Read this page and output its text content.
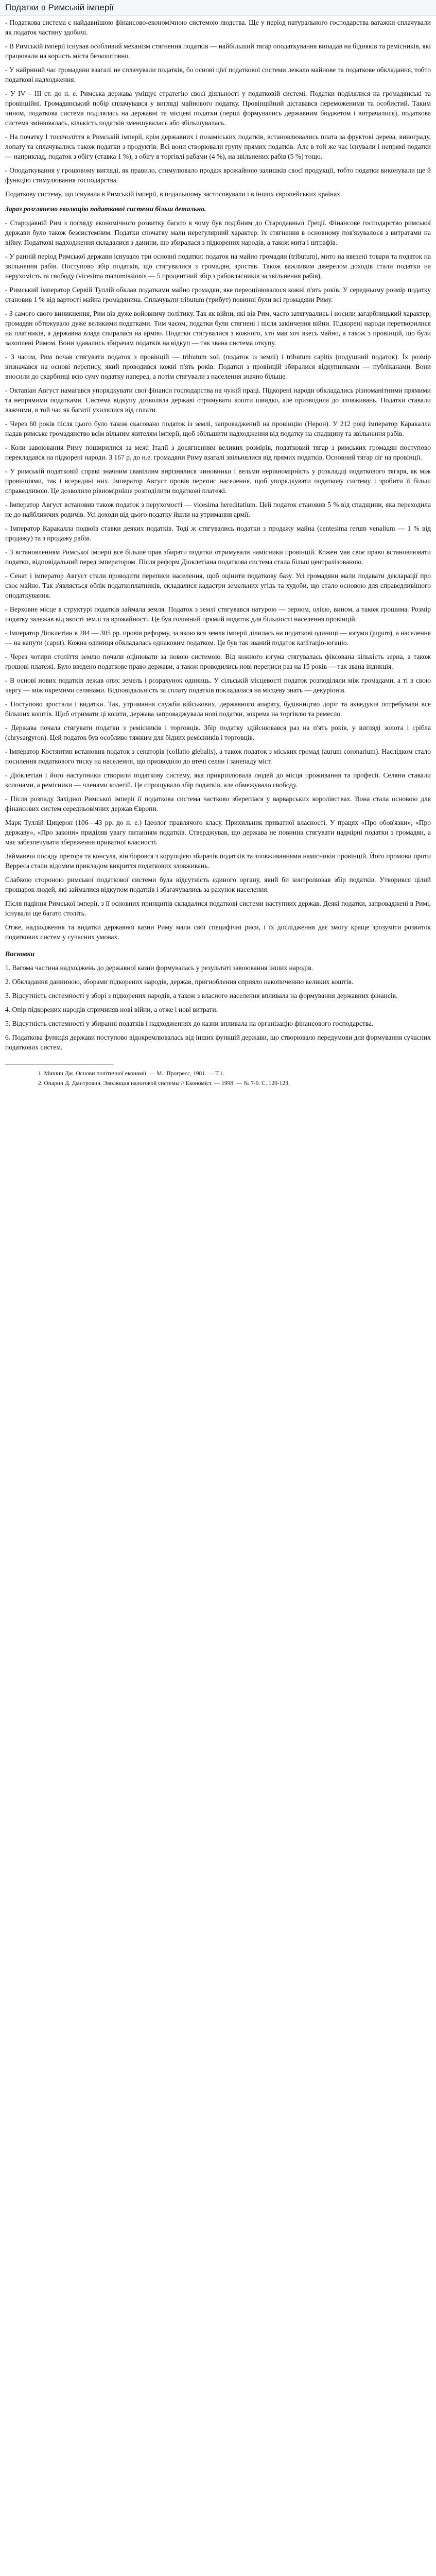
Податки в Римській імперії

- Податкова система є найдавнішою фінансово-економічною системою людства. Ще у період натурального господарства ватажки сплачували як податок частину здобичі.

- В Римській імперії існував особливий механізм стягнення податків — найбільший тягар оподаткування випадав на бідняків та ремісників, які працювали на користь міста безкоштовно.

- У найрнний час громадяни взагалі не сплачували податків, бо основі цієї податкової системи лежало майнове та податкове обкладання, тобто податкові надходження.

- У IV – III ст. до н. е. Римська держава уміщує стратегію своєї діяльності у податковій системі. Податки поділялися на громадянські та провінційні. Громадянський побір сплачувався у вигляді майнового податку. Провінційний діставався переможеними та особистий. Таким чином, податкова система поділялась на державні та місцеві податки (перші формувались державним бюджетом і витрачалися), податкова система змінювалась, кількість податків зменшувалась або збільшувалась.

- На початку І тисячоліття в Римській імперії, крім державних і позаміських податків, встановлювались плата за фруктові дерева, винограду, лопату та сплачувались також податки з продуктів. Всі вони створювали групу прямих податків. Але в той же час існували і непрямі податки — наприклад, податок з обігу (ставка 1 %), з обігу в торгівлі рабами (4 %), на звільнених рабів (5 %) тощо.

- Оподаткування у грошовому вигляді, як правило, стимулювало продаж врожайною залишків своєї продукції, тобто податки виконували ще й функцію стимулювання господарства.

Податкову систему, що існувала в Римській імперії, в подальшому застосовували і в інших європейських країнах.

Зараз розглянемо еволюцію податкової системи більш детально.

- Стародавній Рим з погляду економічного розвитку багато в чому був подібним до Стародавньої Греції. Фінансове господарство римської держави було також безсистемним. Податки спочатку мали нерегулярний характер: їх стягнення в основному пов'язувалося з витратами на війну. Податкові надходження складалися з данини, що збиралася з підкорених народів, а також мита і штрафів.

- У ранній період Римської держави існувало три основні податки: податок на майно громадян (tributum), мито на ввезені товари та податок на звільнення рабів. Поступово збір податків, що стягувалися з громадян, зростав. Також важливим джерелом доходів стали податки на нерухомість та свободу (vicesima manumissionis — 5 процентний збір з рабовласників за звільнення рабів).

- Римський імператор Сервій Туллій обклав податками майно громадян, яке переоцінювалося кожні п'ять років. У середньому розмір податку становив 1 % від вартості майна громадянина. Сплачувати tributum (трибут) повинні були всі громадяни Риму.

- З самого свого виникнення, Рим вів дуже войовничу політику. Так як війни, які вів Рим, часто затягувались і носили загарбницький характер, громадян обтяжувало дуже великими податками. Тим часом, податки були стягнені і після закінчення війни. Підкорені народи перетворилися на платників, а державна влада спиралася на армію. Податки стягувалися з кожного, хто мав хоч якесь майно, а також з провінцій, що були захоплені Римом. Вони здавались збирачам податків на відкуп — так звана система откупу.

- З часом, Рим почав стягувати податок з провінцій — tributum soli (податок із землі) і tributum capitis (подушний податок). Їх розмір визначався на основі перепису, який проводився кожні п'ять років. Податки з провінцій збиралися відкупниками — публіканами. Вони вносили до скарбниці всю суму податку наперед, а потім стягували з населення значно більше.

- Октавіан Август намагався упорядкувати свої фінанси господарства на чужій праці. Підкорені народи обкладались різноманітними прямими та непрямими податками. Система відкупу дозволяла державі отримувати кошти швидко, але призводила до зловживань. Податки ставали важчими, в той час як багатії ухилялися від сплати.

- Через 60 років після цього було також скасовано податок із землі, запроваджений на провінцію (Нерон). У 212 році імператор Каракалла надав римське громадянство всім вільним жителям імперії, щоб збільшити надходження від податку на спадщину та звільнення рабів.

- Коли завоювання Риму поширилися за межі Італії з досягненням великих розмірів, податковий тягар з римських громадян поступово перекладався на підкорені народи. З 167 р. до н.е. громадяни Риму взагалі звільнялися від прямих податків. Основний тягар ліг на провінції.

- У римській податковій справі значним свавіллям вирізнялися чиновники і вельми нерівномірність у розкладці податкового тягаря, як між провінціями, так і всередині них. Імператор Август провів перепис населення, щоб упорядкувати податкову систему і зробити її більш справедливою. Це дозволило рівномірніше розподілити податкові платежі.

- Імператор Август встановив також податок з нерухомості — vicesima hereditatium. Цей податок становив 5 % від спадщини, яка переходила не до найближчих родичів. Усі доходи від цього податку йшли на утримання армії.

- Імператор Каракалла подвоїв ставки деяких податків. Тоді ж стягувались податки з продажу майна (centesima rerum venalium — 1 % від продажу) та з продажу рабів.

- З встановленням Римської імперії все більше прав збирати податки отримували намісники провінцій. Кожен мав своє право встановлювати податки, відповідальний перед імператором. Після реформ Діоклетіана податкова система стала більш централізованою.

- Сенат і імператор Август стали проводити переписи населення, щоб оцінити податкову базу. Усі громадяни мали подавати декларації про своє майно. Так з'являється облік податкоплатників, складалися кадастри земельних угідь та худоби, що стало основою для справедливішого оподаткування.

- Верховне місце в структурі податків займала земля. Податок з землі стягувався натурою — зерном, олією, вином, а також грошима. Розмір податку залежав від якості землі та врожайності. Це був головний прямий податок для більшості населення провінцій.

- Імператор Діоклетіан в 284 — 305 рр. провів реформу, за якою вся земля імперії ділилась на податкові одиниці — югуми (jugum), а населення — на капути (caput). Кожна одиниця обкладалась однаковим податком. Це був так званий податок капітаціо-югаціо.

- Через чотири століття землю почали оцінювати за новою системою. Від кожного югума стягувалась фіксована кількість зерна, а також грошові платежі. Було введено податкове право держави, а також проводились нові переписи раз на 15 років — так звана індикція.

- В основі нових податків лежав опис земель і розрахунок одиниць. У сільській місцевості податок розподіляли між громадами, а ті в свою чергу — між окремими селянами. Відповідальність за сплату податків покладалася на місцеву знать — декуріонів.

- Поступово зростали і видатки. Так, утримання служби військових, державного апарату, будівництво доріг та акведуків потребували все більших коштів. Щоб отримати ці кошти, держава запроваджувала нові податки, зокрема на торгівлю та ремесло.

- Держава почала стягувати податки з ремісників і торговців. Збір податку здійснювався раз на п'ять років, у вигляді золота і срібла (chrysargyron). Цей податок був особливо тяжким для бідних ремісників і торговців.

- Імператор Костянтин встановив податок з сенаторів (collatio glebalis), а також податок з міських громад (aurum coronarium). Наслідком стало посилення податкового тиску на населення, що призводило до втечі селян і занепаду міст.

- Діоклетіан і його наступники створили податкову систему, яка прикріплювала людей до місця проживання та професії. Селяни ставали колонами, а ремісники — членами колегій. Це спрощувало збір податків, але обмежувало свободу.

- Після розпаду Західної Римської імперії її податкова система частково збереглася у варварських королівствах. Вона стала основою для фінансових систем середньовічних держав Європи.

Марк Туллій Цицерон (106—43 рр. до н. е.) Ідеолог правлячого класу. Прихильник приватної власності. У працях «Про обов'язки», «Про державу», «Про закони» приділяв увагу питанням податків. Стверджував, що держава не повинна стягувати надмірні податки з громадян, а має забезпечувати збереження приватної власності.

Займаючи посаду претора та консула, він боровся з корупцією збирачів податків та зловживаннями намісників провінцій. Його промови проти Верреса стали відомим прикладом викриття податкових зловживань.

Слабкою стороною римської податкової системи була відсутність єдиного органу, який би контролював збір податків. Утворився цілий прошарок людей, які займалися відкупом податків і збагачувались за рахунок населення.

Після падіння Римської імперії, з її основних принципів складалися податкові системи наступних держав. Деякі податки, запроваджені в Римі, існували ще багато століть.

Отже, надходження та видатки державної казни Риму мали свої специфічні риси, і їх дослідження дає змогу краще зрозуміти розвиток податкових систем у сучасних умовах.

Висновки
1. Вагома частина надходжень до державної казни формувалась у результаті завоювання інших народів.
2. Обкладання данниною, зборами підкорених народів, держав, пригноблення сприяло накопиченню великих коштів.
3. Відсутність системності у зборі з підкорених народів, а також з власного населення впливала на формування державних фінансів.
4. Опір підкорених народів спричиняв нові війни, а отже і нові витрати.
5. Відсутність системності у збиранні податків і надходженнях до казни впливала на організацію фінансового господарства.
6. Податкова функція держави поступово відокремлювалась від інших функцій держави, що створювало передумови для формування сучасних податкових систем.
1. Мишин Дж. Основи політичної економії. — М.: Прогресс, 1981. — Т.1.
2. Опарин Д. Дмитрович. Эволюция налоговой системы // Економіст. — 1998. — № 7-9. С. 120-123.
